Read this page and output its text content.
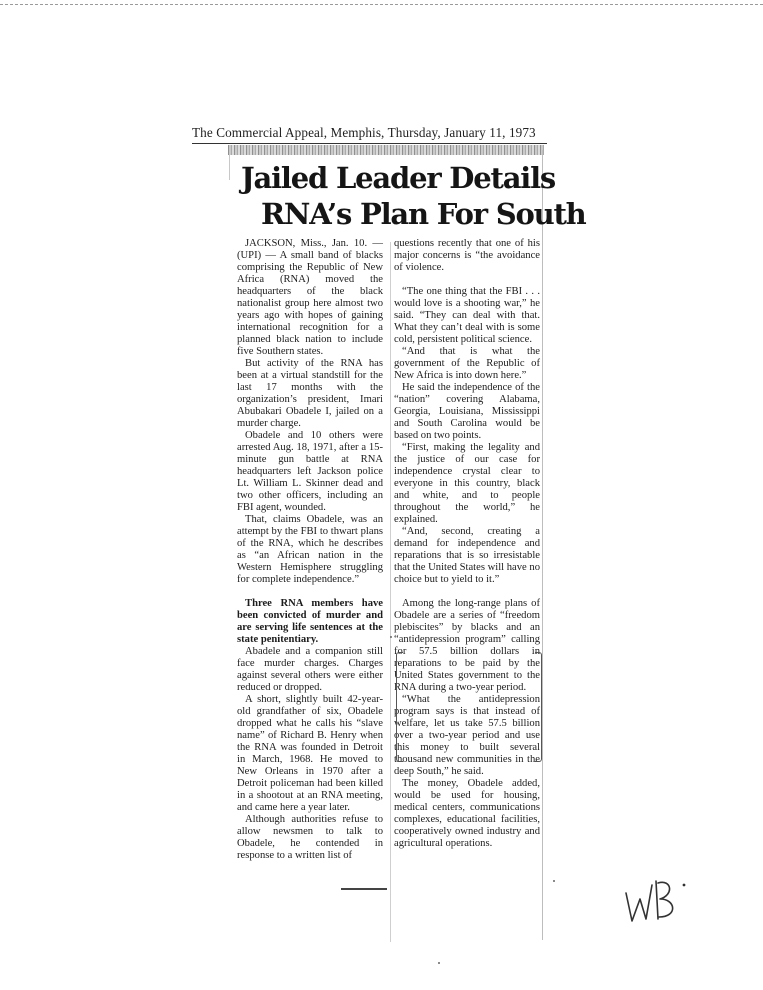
The Commercial Appeal, Memphis, Thursday, January 11, 1973
Jailed Leader Details
RNA’s Plan For South

JACKSON, Miss., Jan. 10. — (UPI) — A small band of blacks comprising the Republic of New Africa (RNA) moved the headquarters of the black nationalist group here almost two years ago with hopes of gaining international recognition for a planned black nation to include five Southern states.

But activity of the RNA has been at a virtual standstill for the last 17 months with the organization’s president, Imari Abubakari Obadele I, jailed on a murder charge.

Obadele and 10 others were arrested Aug. 18, 1971, after a 15-minute gun battle at RNA headquarters left Jackson police Lt. William L. Skinner dead and two other officers, including an FBI agent, wounded.

That, claims Obadele, was an attempt by the FBI to thwart plans of the RNA, which he describes as “an African nation in the Western Hemisphere struggling for complete independence.”

Three RNA members have been convicted of murder and are serving life sentences at the state penitentiary.

Abadele and a companion still face murder charges. Charges against several others were either reduced or dropped.

A short, slightly built 42-year-old grandfather of six, Obadele dropped what he calls his “slave name” of Richard B. Henry when the RNA was founded in Detroit in March, 1968. He moved to New Orleans in 1970 after a Detroit policeman had been killed in a shootout at an RNA meeting, and came here a year later.

Although authorities refuse to allow newsmen to talk to Obadele, he contended in response to a written list of

questions recently that one of his major concerns is “the avoidance of violence.

“The one thing that the FBI . . . would love is a shooting war,” he said. “They can deal with that. What they can’t deal with is some cold, persistent political science.

“And that is what the government of the Republic of New Africa is into down here.”

He said the independence of the “nation” covering Alabama, Georgia, Louisiana, Mississippi and South Carolina would be based on two points.

“First, making the legality and the justice of our case for independence crystal clear to everyone in this country, black and white, and to people throughout the world,” he explained.

“And, second, creating a demand for independence and reparations that is so irresistable that the United States will have no choice but to yield to it.”

Among the long-range plans of Obadele are a series of “freedom plebiscites” by blacks and an “antidepression program” calling for 57.5 billion dollars in reparations to be paid by the United States government to the RNA during a two-year period.

“What the antidepression program says is that instead of welfare, let us take 57.5 billion over a two-year period and use this money to built several thousand new communities in the deep South,” he said.

The money, Obadele added, would be used for housing, medical centers, communications complexes, educational facilities, cooperatively owned industry and agricultural operations.
